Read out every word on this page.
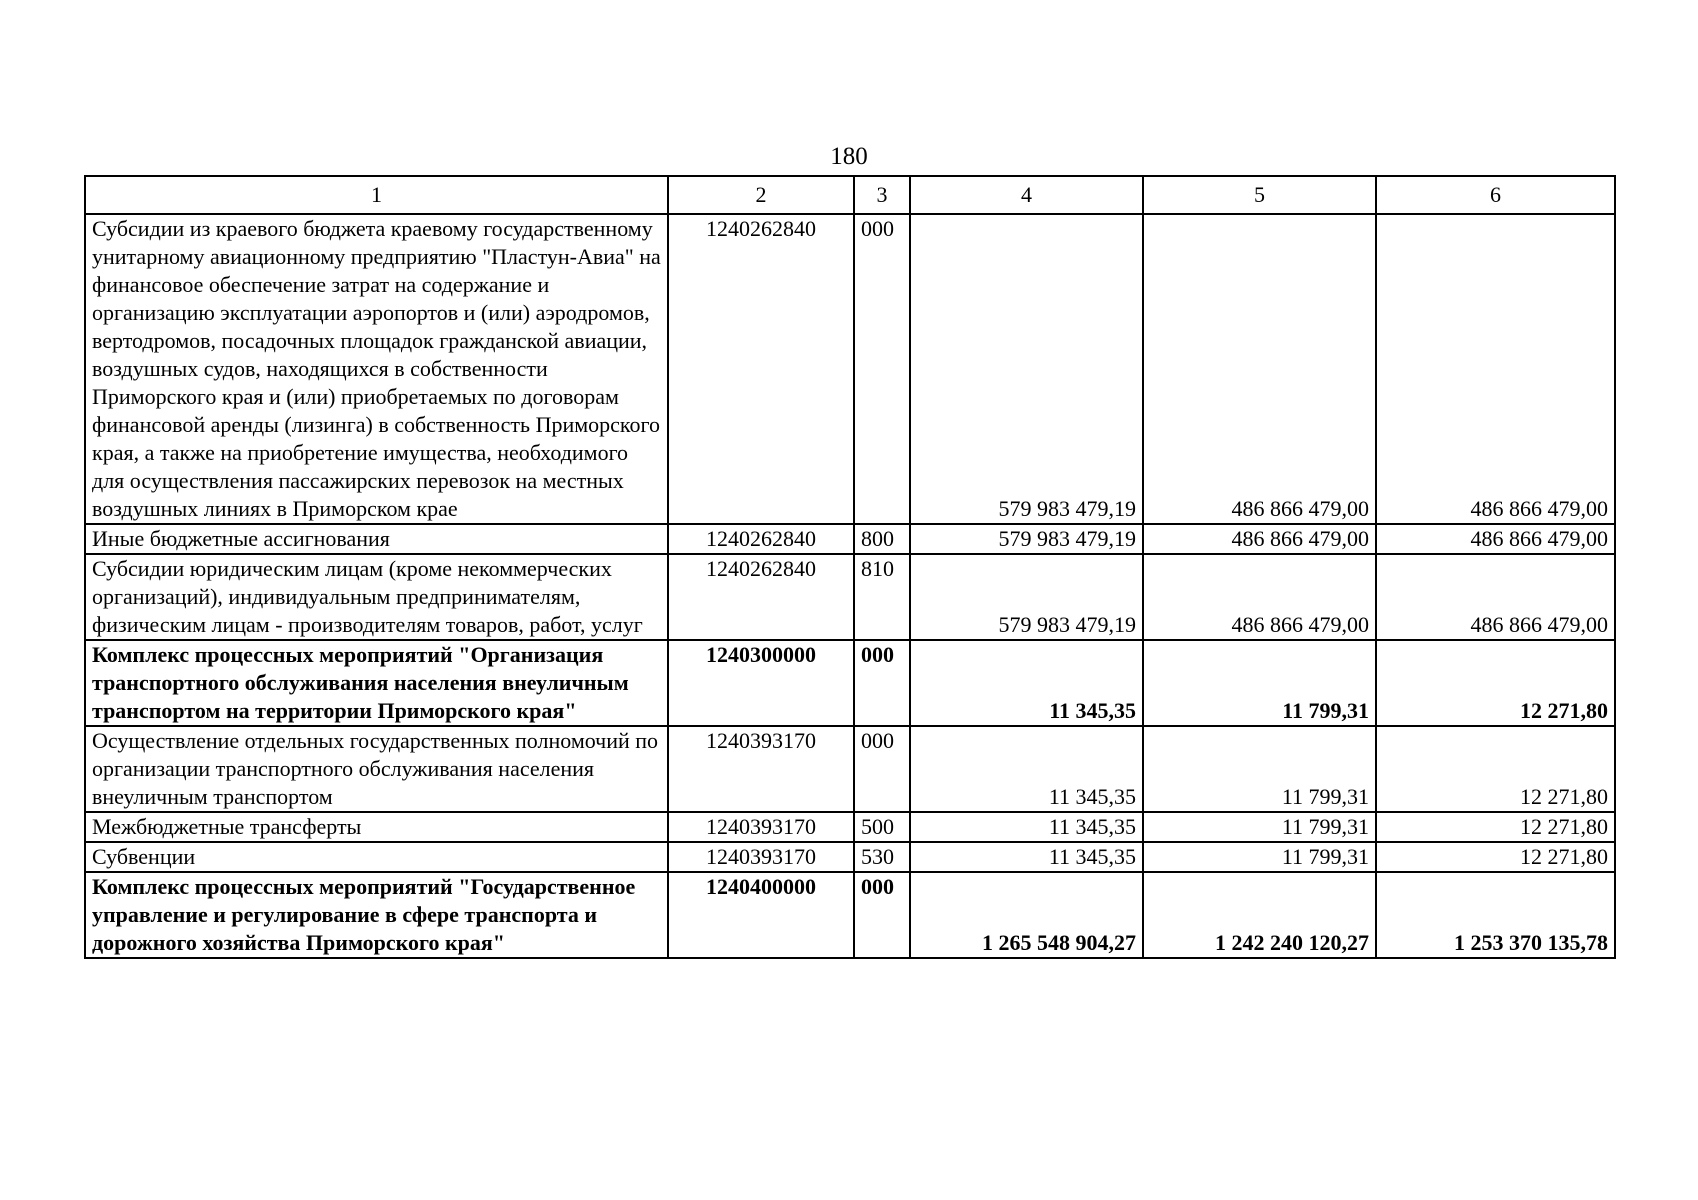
180
1	2	3	4	5	6
Субсидии из краевого бюджета краевому государственному унитарному авиационному предприятию "Пластун-Авиа" на финансовое обеспечение затрат на содержание и организацию эксплуатации аэропортов и (или) аэродромов, вертодромов, посадочных площадок гражданской авиации, воздушных судов, находящихся в собственности Приморского края и (или) приобретаемых по договорам финансовой аренды (лизинга) в собственность Приморского края, а также на приобретение имущества, необходимого для осуществления пассажирских перевозок на местных воздушных линиях в Приморском крае	1240262840	000	579 983 479,19	486 866 479,00	486 866 479,00
Иные бюджетные ассигнования	1240262840	800	579 983 479,19	486 866 479,00	486 866 479,00
Субсидии юридическим лицам (кроме некоммерческих организаций), индивидуальным предпринимателям, физическим лицам - производителям товаров, работ, услуг	1240262840	810	579 983 479,19	486 866 479,00	486 866 479,00
Комплекс процессных мероприятий "Организация транспортного обслуживания населения внеуличным транспортом на территории Приморского края"	1240300000	000	11 345,35	11 799,31	12 271,80
Осуществление отдельных государственных полномочий по организации транспортного обслуживания населения внеуличным транспортом	1240393170	000	11 345,35	11 799,31	12 271,80
Межбюджетные трансферты	1240393170	500	11 345,35	11 799,31	12 271,80
Субвенции	1240393170	530	11 345,35	11 799,31	12 271,80
Комплекс процессных мероприятий "Государственное управление и регулирование в сфере транспорта и дорожного хозяйства Приморского края"	1240400000	000	1 265 548 904,27	1 242 240 120,27	1 253 370 135,78
